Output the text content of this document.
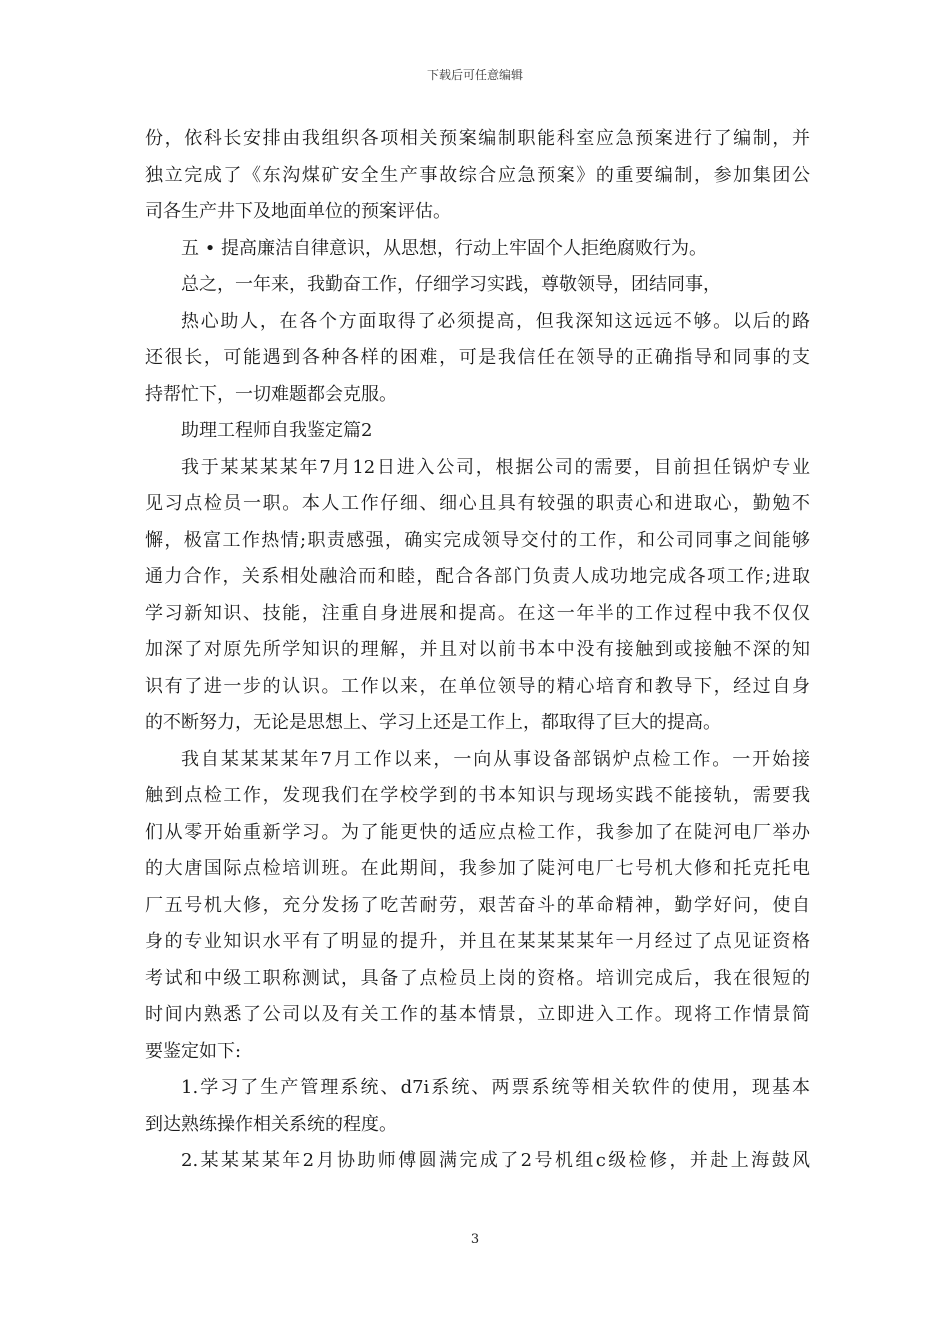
下载后可任意编辑
份，依科长安排由我组织各项相关预案编制职能科室应急预案进行了编制，并
独立完成了《东沟煤矿安全生产事故综合应急预案》的重要编制，参加集团公
司各生产井下及地面单位的预案评估。
五 • 提高廉洁自律意识，从思想，行动上牢固个人拒绝腐败行为。
总之，一年来，我勤奋工作，仔细学习实践，尊敬领导，团结同事，
热心助人，在各个方面取得了必须提高，但我深知这远远不够。以后的路
还很长，可能遇到各种各样的困难，可是我信任在领导的正确指导和同事的支
持帮忙下，一切难题都会克服。
助理工程师自我鉴定篇2
我于某某某某年7月12日进入公司，根据公司的需要，目前担任锅炉专业
见习点检员一职。本人工作仔细、细心且具有较强的职责心和进取心，勤勉不
懈，极富工作热情;职责感强，确实完成领导交付的工作，和公司同事之间能够
通力合作，关系相处融洽而和睦，配合各部门负责人成功地完成各项工作;进取
学习新知识、技能，注重自身进展和提高。在这一年半的工作过程中我不仅仅
加深了对原先所学知识的理解，并且对以前书本中没有接触到或接触不深的知
识有了进一步的认识。工作以来，在单位领导的精心培育和教导下，经过自身
的不断努力，无论是思想上、学习上还是工作上，都取得了巨大的提高。
我自某某某某年7月工作以来，一向从事设备部锅炉点检工作。一开始接
触到点检工作，发现我们在学校学到的书本知识与现场实践不能接轨，需要我
们从零开始重新学习。为了能更快的适应点检工作，我参加了在陡河电厂举办
的大唐国际点检培训班。在此期间，我参加了陡河电厂七号机大修和托克托电
厂五号机大修，充分发扬了吃苦耐劳，艰苦奋斗的革命精神，勤学好问，使自
身的专业知识水平有了明显的提升，并且在某某某某年一月经过了点见证资格
考试和中级工职称测试，具备了点检员上岗的资格。培训完成后，我在很短的
时间内熟悉了公司以及有关工作的基本情景，立即进入工作。现将工作情景简
要鉴定如下:
1.学习了生产管理系统、d7i系统、两票系统等相关软件的使用，现基本
到达熟练操作相关系统的程度。
2.某某某某年2月协助师傅圆满完成了2号机组c级检修，并赴上海鼓风
3
